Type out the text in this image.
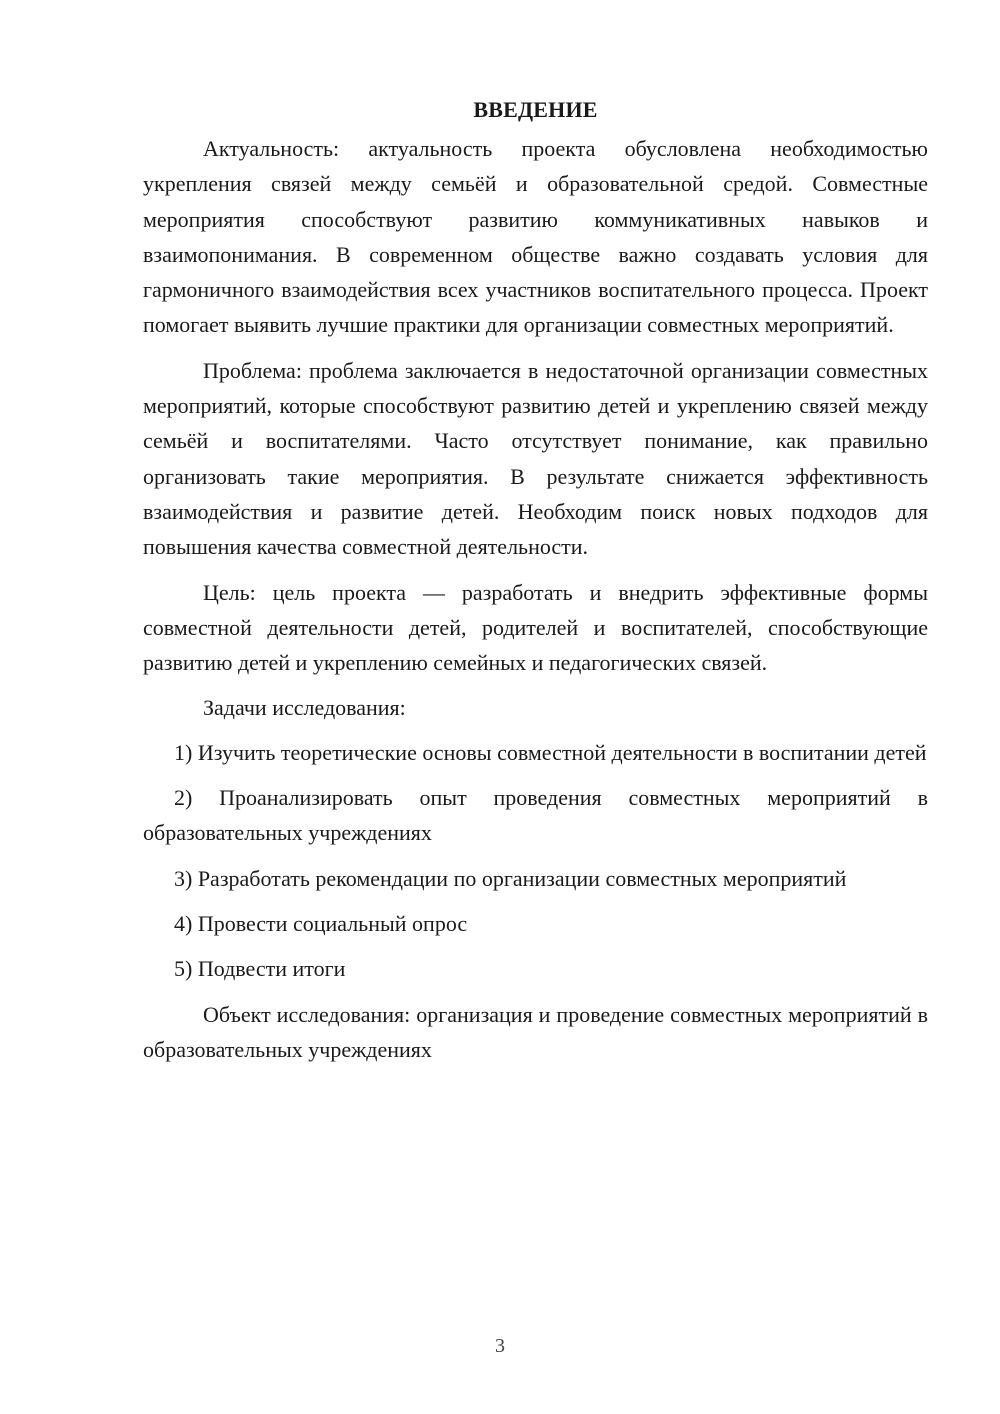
ВВЕДЕНИЕ

Актуальность: актуальность проекта обусловлена необходимостью укрепления связей между семьёй и образовательной средой. Совместные мероприятия способствуют развитию коммуникативных навыков и взаимопонимания. В современном обществе важно создавать условия для гармоничного взаимодействия всех участников воспитательного процесса. Проект помогает выявить лучшие практики для организации совместных мероприятий.

Проблема: проблема заключается в недостаточной организации совместных мероприятий, которые способствуют развитию детей и укреплению связей между семьёй и воспитателями. Часто отсутствует понимание, как правильно организовать такие мероприятия. В результате снижается эффективность взаимодействия и развитие детей. Необходим поиск новых подходов для повышения качества совместной деятельности.

Цель: цель проекта — разработать и внедрить эффективные формы совместной деятельности детей, родителей и воспитателей, способствующие развитию детей и укреплению семейных и педагогических связей.

Задачи исследования:

1) Изучить теоретические основы совместной деятельности в воспитании детей

2) Проанализировать опыт проведения совместных мероприятий в образовательных учреждениях

3) Разработать рекомендации по организации совместных мероприятий

4) Провести социальный опрос

5) Подвести итоги

Объект исследования: организация и проведение совместных мероприятий в образовательных учреждениях

3
